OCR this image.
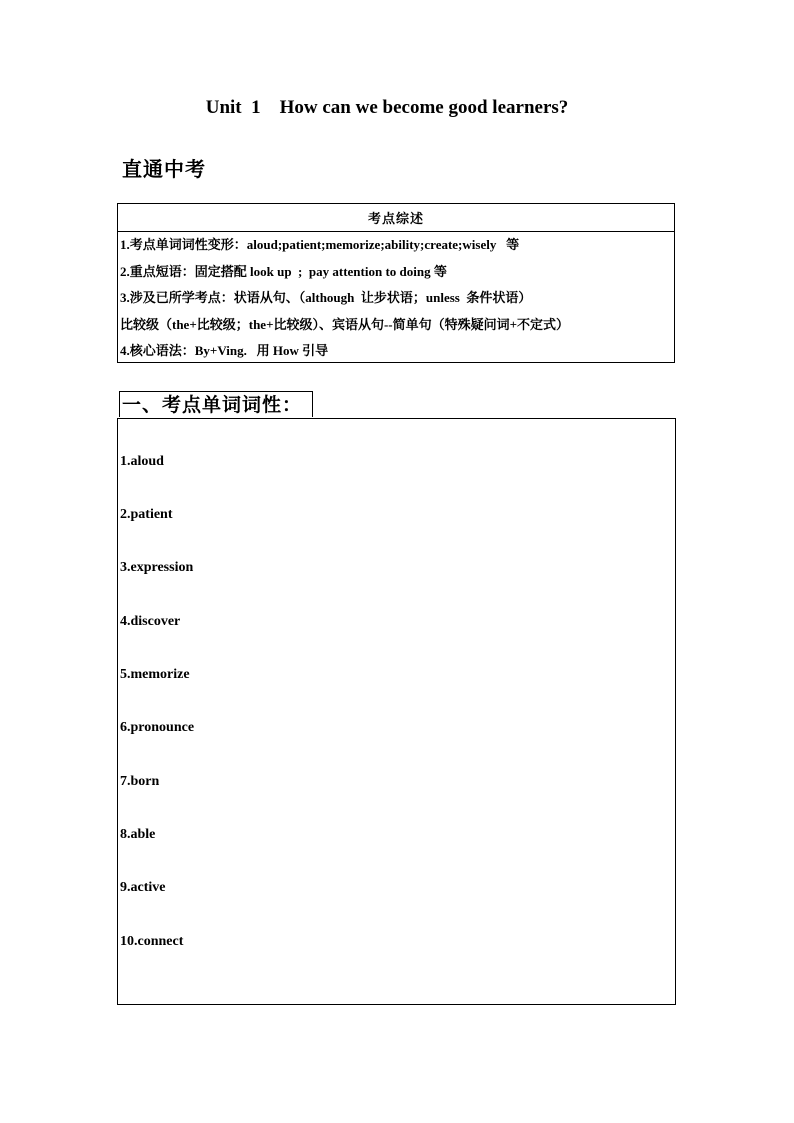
Unit  1    How can we become good learners?
直通中考
考点综述
1.考点单词词性变形：aloud;patient;memorize;ability;create;wisely   等
2.重点短语：固定搭配 look up  ;  pay attention to doing 等
3.涉及已所学考点：状语从句、（although  让步状语；unless  条件状语）
比较级（the+比较级；the+比较级）、宾语从句--简单句（特殊疑问词+不定式）
4.核心语法：By+Ving.   用 How 引导
一、考点单词词性：
1.aloud
2.patient
3.expression
4.discover
5.memorize
6.pronounce
7.born
8.able
9.active
10.connect
